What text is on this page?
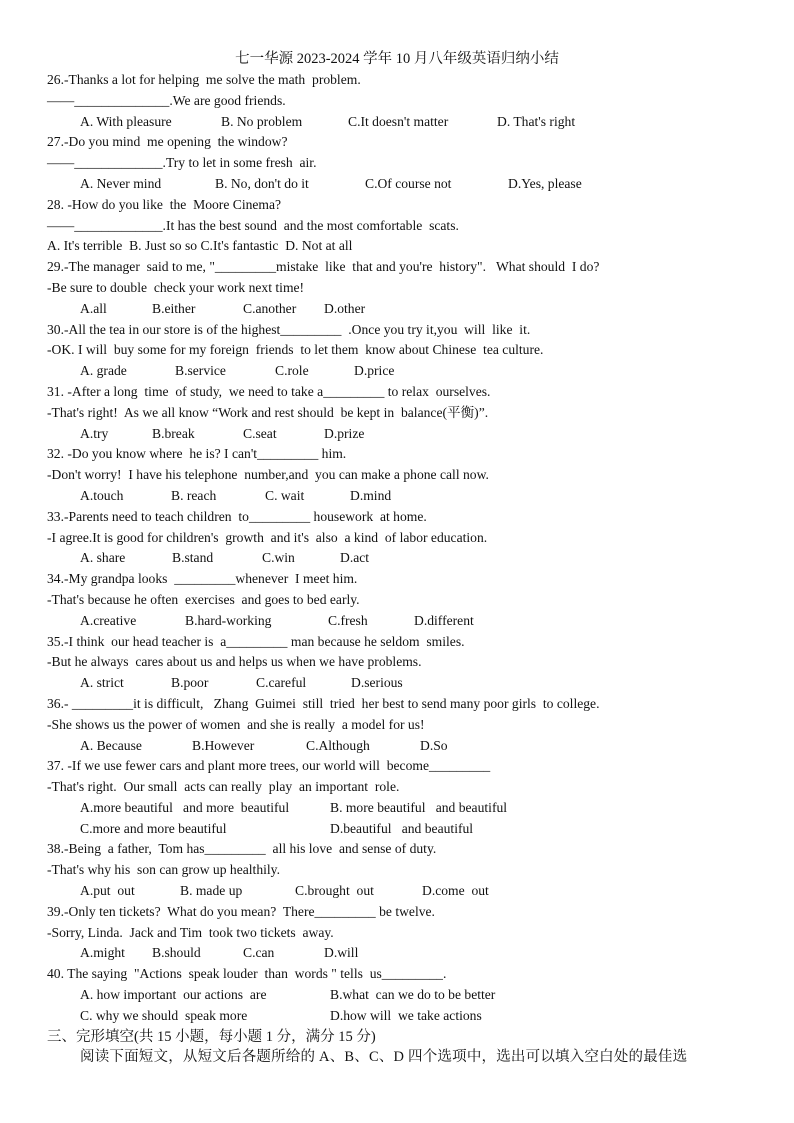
七一华源 2023-2024 学年 10 月八年级英语归纳小结
26.-Thanks a lot for helping  me solve the math  problem.
——______________.We are good friends.
A. With pleasure	B. No problem	C.It doesn't matter	D. That's right
27.-Do you mind  me opening  the window?
——_____________.Try to let in some fresh  air.
A. Never mind	B. No, don't do it	C.Of course not	D.Yes, please
28. -How do you like  the  Moore Cinema?
——_____________.It has the best sound  and the most comfortable  scats.
A. It's terrible  B. Just so so C.It's fantastic  D. Not at all
29.-The manager  said to me, "_________mistake  like  that and you're  history".   What should  I do?
-Be sure to double  check your work next time!
A.all	B.either	C.another D.other
30.-All the tea in our store is of the highest_________  .Once you try it,you  will  like  it.
-OK. I will  buy some for my foreign  friends  to let them  know about Chinese  tea culture.
A. grade	B.service	C.role	D.price
31. -After a long  time  of study,  we need to take a_________ to relax  ourselves.
-That's right!  As we all know “Work and rest should  be kept in  balance(平衡)”.
A.try	B.break	C.seat	D.prize
32. -Do you know where  he is? I can't_________ him.
-Don't worry!  I have his telephone  number,and  you can make a phone call now.
A.touch	B. reach	C. wait	D.mind
33.-Parents need to teach children  to_________ housework  at home.
-I agree.It is good for children's  growth  and it's  also  a kind  of labor education.
A. share	B.stand	C.win	D.act
34.-My grandpa looks  _________whenever  I meet him.
-That's because he often  exercises  and goes to bed early.
A.creative	B.hard-working	C.fresh	D.different
35.-I think  our head teacher is  a_________ man because he seldom  smiles.
-But he always  cares about us and helps us when we have problems.
A. strict	B.poor	C.careful	D.serious
36.- _________it is difficult,   Zhang  Guimei  still  tried  her best to send many poor girls  to college.
-She shows us the power of women  and she is really  a model for us!
A. Because	B.However	C.Although	D.So
37. -If we use fewer cars and plant more trees, our world will  become_________
-That's right.  Our small  acts can really  play  an important  role.
A.more beautiful   and more  beautiful	B. more beautiful   and beautiful
C.more and more beautiful	D.beautiful   and beautiful
38.-Being  a father,  Tom has_________  all his love  and sense of duty.
-That's why his  son can grow up healthily.
A.put  out	B. made up	C.brought  out	D.come  out
39.-Only ten tickets?  What do you mean?  There_________ be twelve.
-Sorry, Linda.  Jack and Tim  took two tickets  away.
A.might B.should	C.can	D.will
40. The saying  "Actions  speak louder  than  words " tells  us_________.
A. how important  our actions  are	B.what  can we do to be better
C. why we should  speak more	D.how will  we take actions
三、完形填空(共 15 小题，每小题 1 分，满分 15 分)
阅读下面短文，从短文后各题所给的 A、B、C、D 四个选项中，选出可以填入空白处的最佳选
